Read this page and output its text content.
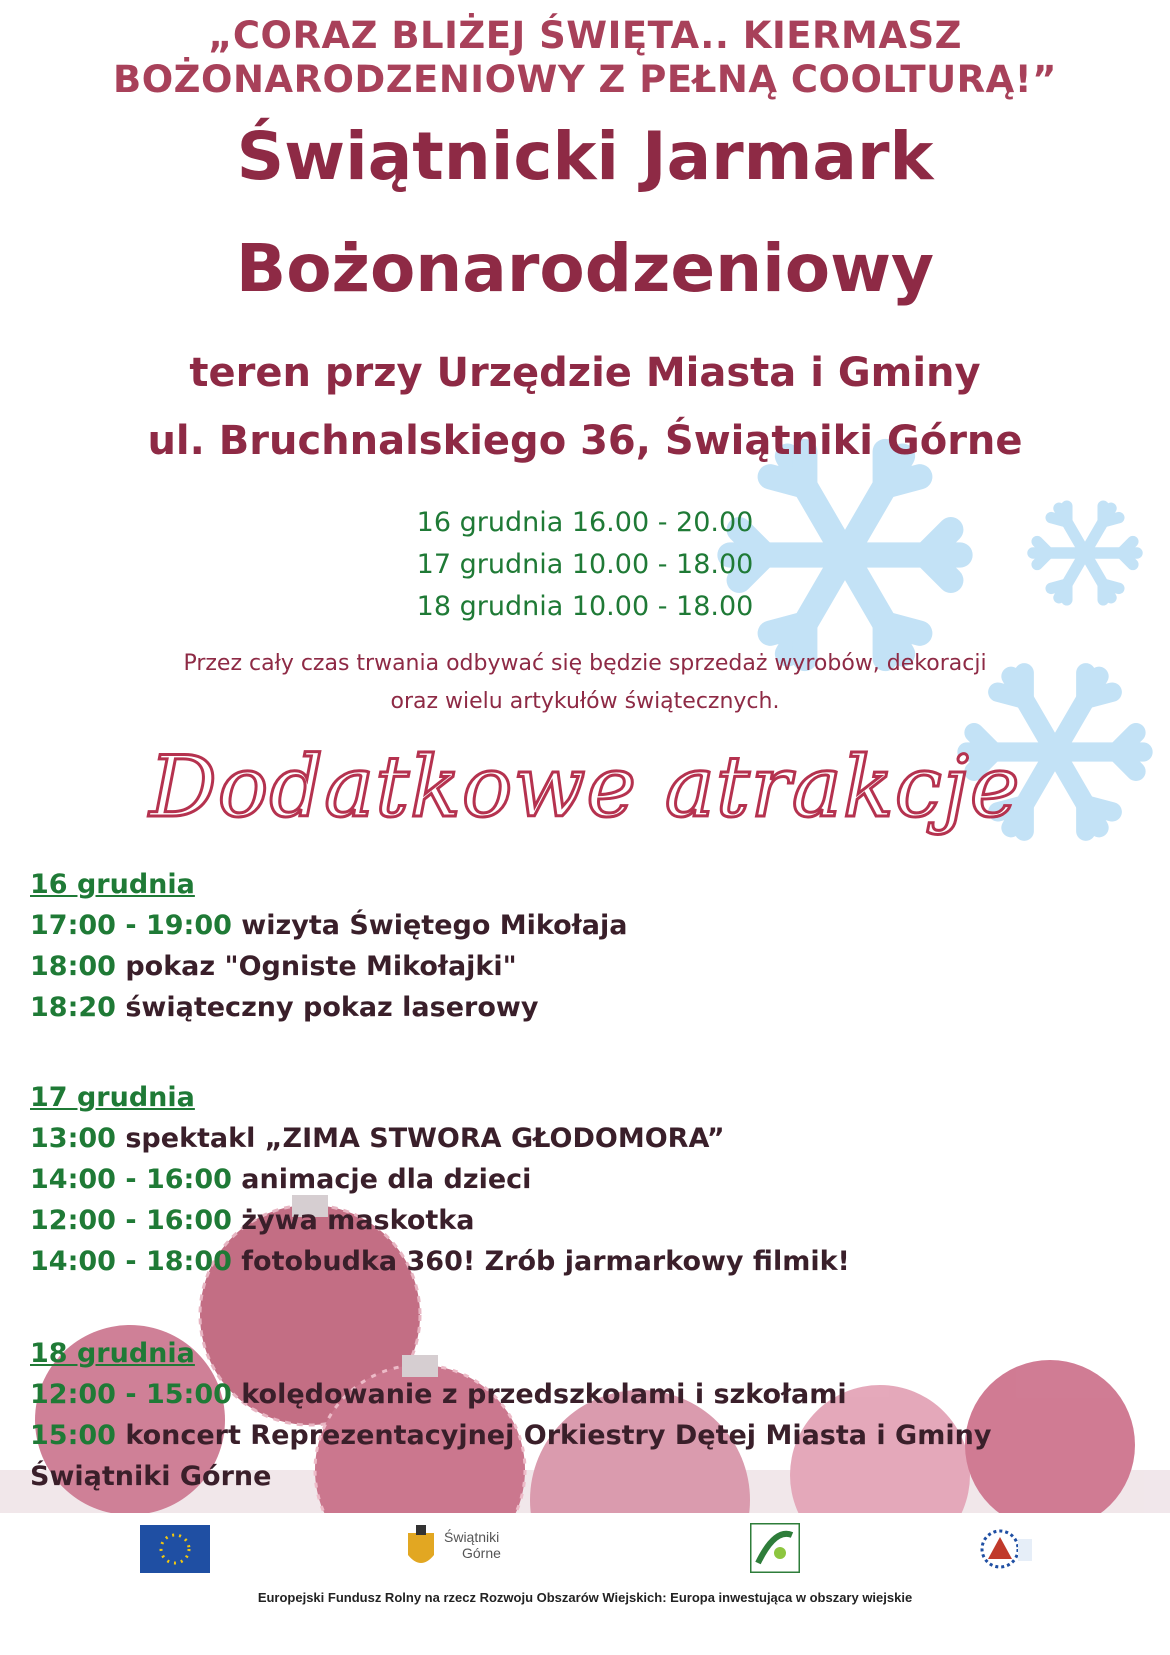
„CORAZ BLIŻEJ ŚWIĘTA.. KIERMASZ
BOŻONARODZENIOWY Z PEŁNĄ COOLTURĄ!”
Świątnicki Jarmark
Bożonarodzeniowy
teren przy Urzędzie Miasta i Gminy
ul. Bruchnalskiego 36, Świątniki Górne
16 grudnia 16.00 - 20.00
17 grudnia 10.00 - 18.00
18 grudnia 10.00 - 18.00
Przez cały czas trwania odbywać się będzie sprzedaż wyrobów, dekoracji
oraz wielu artykułów świątecznych.
Dodatkowe atrakcje
16 grudnia
17:00 - 19:00 wizyta Świętego Mikołaja
18:00 pokaz "Ogniste Mikołajki"
18:20 świąteczny pokaz laserowy
17 grudnia
13:00 spektakl „ZIMA STWORA GŁODOMORA”
14:00 - 16:00 animacje dla dzieci
12:00 - 16:00 żywa maskotka
14:00 - 18:00 fotobudka 360! Zrób jarmarkowy filmik!
18 grudnia
12:00 - 15:00 kolędowanie z przedszkolami i szkołami
15:00 koncert Reprezentacyjnej Orkiestry Dętej Miasta i Gminy
Świątniki Górne
Świątniki
Górne
Europejski Fundusz Rolny na rzecz Rozwoju Obszarów Wiejskich: Europa inwestująca w obszary wiejskie
